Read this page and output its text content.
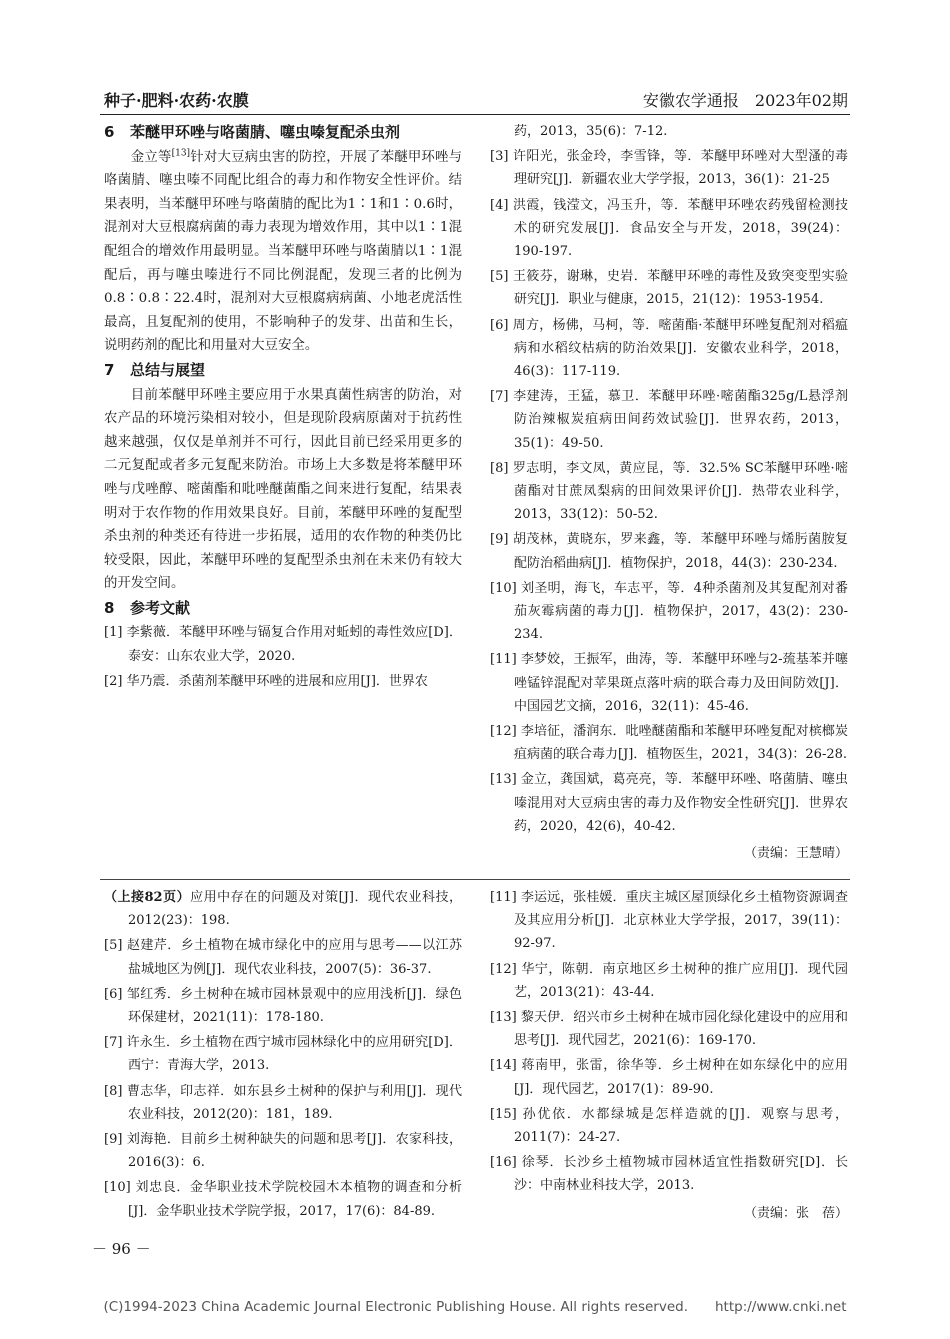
种子·肥料·农药·农膜	安徽农学通报　2023年02期
6 苯醚甲环唑与咯菌腈、噻虫嗪复配杀虫剂

金立等[13]针对大豆病虫害的防控，开展了苯醚甲环唑与咯菌腈、噻虫嗪不同配比组合的毒力和作物安全性评价。结果表明，当苯醚甲环唑与咯菌腈的配比为1∶1和1∶0.6时，混剂对大豆根腐病菌的毒力表现为增效作用，其中以1∶1混配组合的增效作用最明显。当苯醚甲环唑与咯菌腈以1∶1混配后，再与噻虫嗪进行不同比例混配，发现三者的比例为0.8∶0.8∶22.4时，混剂对大豆根腐病病菌、小地老虎活性最高，且复配剂的使用，不影响种子的发芽、出苗和生长，说明药剂的配比和用量对大豆安全。

7 总结与展望

目前苯醚甲环唑主要应用于水果真菌性病害的防治，对农产品的环境污染相对较小，但是现阶段病原菌对于抗药性越来越强，仅仅是单剂并不可行，因此目前已经采用更多的二元复配或者多元复配来防治。市场上大多数是将苯醚甲环唑与戊唑醇、嘧菌酯和吡唑醚菌酯之间来进行复配，结果表明对于农作物的作用效果良好。目前，苯醚甲环唑的复配型杀虫剂的种类还有待进一步拓展，适用的农作物的种类仍比较受限，因此，苯醚甲环唑的复配型杀虫剂在未来仍有较大的开发空间。

8 参考文献

[1] 李紫薇．苯醚甲环唑与镉复合作用对蚯蚓的毒性效应[D]．泰安：山东农业大学，2020.

[2] 华乃震．杀菌剂苯醚甲环唑的进展和应用[J]．世界农

药，2013，35(6)：7-12.

[3] 许阳光，张金玲，李雪锋，等．苯醚甲环唑对大型溞的毒理研究[J]．新疆农业大学学报，2013，36(1)：21-25

[4] 洪霞，钱滢文，冯玉升，等．苯醚甲环唑农药残留检测技术的研究发展[J]．食品安全与开发，2018，39(24)：190-197.

[5] 王筱芬，谢琳，史岩．苯醚甲环唑的毒性及致突变型实验研究[J]．职业与健康，2015，21(12)：1953-1954.

[6] 周方，杨佛，马柯，等．嘧菌酯·苯醚甲环唑复配剂对稻瘟病和水稻纹枯病的防治效果[J]．安徽农业科学，2018，46(3)：117-119.

[7] 李建涛，王猛，慕卫．苯醚甲环唑·嘧菌酯325g/L悬浮剂防治辣椒炭疽病田间药效试验[J]．世界农药，2013，35(1)：49-50.

[8] 罗志明，李文凤，黄应昆，等．32.5% SC苯醚甲环唑·嘧菌酯对甘蔗凤梨病的田间效果评价[J]．热带农业科学，2013，33(12)：50-52.

[9] 胡茂林，黄晓东，罗来鑫，等．苯醚甲环唑与烯肟菌胺复配防治稻曲病[J]．植物保护，2018，44(3)：230-234.

[10] 刘圣明，海飞，车志平，等．4种杀菌剂及其复配剂对番茄灰霉病菌的毒力[J]．植物保护，2017，43(2)：230-234.

[11] 李梦姣，王振军，曲涛，等．苯醚甲环唑与2-巯基苯并噻唑锰锌混配对苹果斑点落叶病的联合毒力及田间防效[J]．中国园艺文摘，2016，32(11)：45-46.

[12] 李培征，潘润东．吡唑醚菌酯和苯醚甲环唑复配对槟榔炭疽病菌的联合毒力[J]．植物医生，2021，34(3)：26-28.

[13] 金立，龚国斌，葛亮亮，等．苯醚甲环唑、咯菌腈、噻虫嗪混用对大豆病虫害的毒力及作物安全性研究[J]．世界农药，2020，42(6)，40-42.

（责编：王慧晴）

（上接82页）应用中存在的问题及对策[J]．现代农业科技，2012(23)：198.

[5] 赵建芹．乡土植物在城市绿化中的应用与思考——以江苏盐城地区为例[J]．现代农业科技，2007(5)：36-37.

[6] 邹红秀．乡土树种在城市园林景观中的应用浅析[J]．绿色环保建材，2021(11)：178-180.

[7] 许永生．乡土植物在西宁城市园林绿化中的应用研究[D]．西宁：青海大学，2013.

[8] 曹志华，印志祥．如东县乡土树种的保护与利用[J]．现代农业科技，2012(20)：181，189.

[9] 刘海艳．目前乡土树种缺失的问题和思考[J]．农家科技，2016(3)：6.

[10] 刘忠良．金华职业技术学院校园木本植物的调查和分析[J]．金华职业技术学院学报，2017，17(6)：84-89.

[11] 李运远，张桂媛．重庆主城区屋顶绿化乡土植物资源调查及其应用分析[J]．北京林业大学学报，2017，39(11)：92-97.

[12] 华宁，陈朝．南京地区乡土树种的推广应用[J]．现代园艺，2013(21)：43-44.

[13] 黎天伊．绍兴市乡土树种在城市园化绿化建设中的应用和思考[J]．现代园艺，2021(6)：169-170.

[14] 蒋南甲，张雷，徐华等．乡土树种在如东绿化中的应用[J]．现代园艺，2017(1)：89-90.

[15] 孙优依．水都绿城是怎样造就的[J]．观察与思考，2011(7)：24-27.

[16] 徐琴．长沙乡土植物城市园林适宜性指数研究[D]．长沙：中南林业科技大学，2013.

（责编：张　蓓）
－ 96 －
(C)1994-2023 China Academic Journal Electronic Publishing House. All rights reserved.　　http://www.cnki.net
